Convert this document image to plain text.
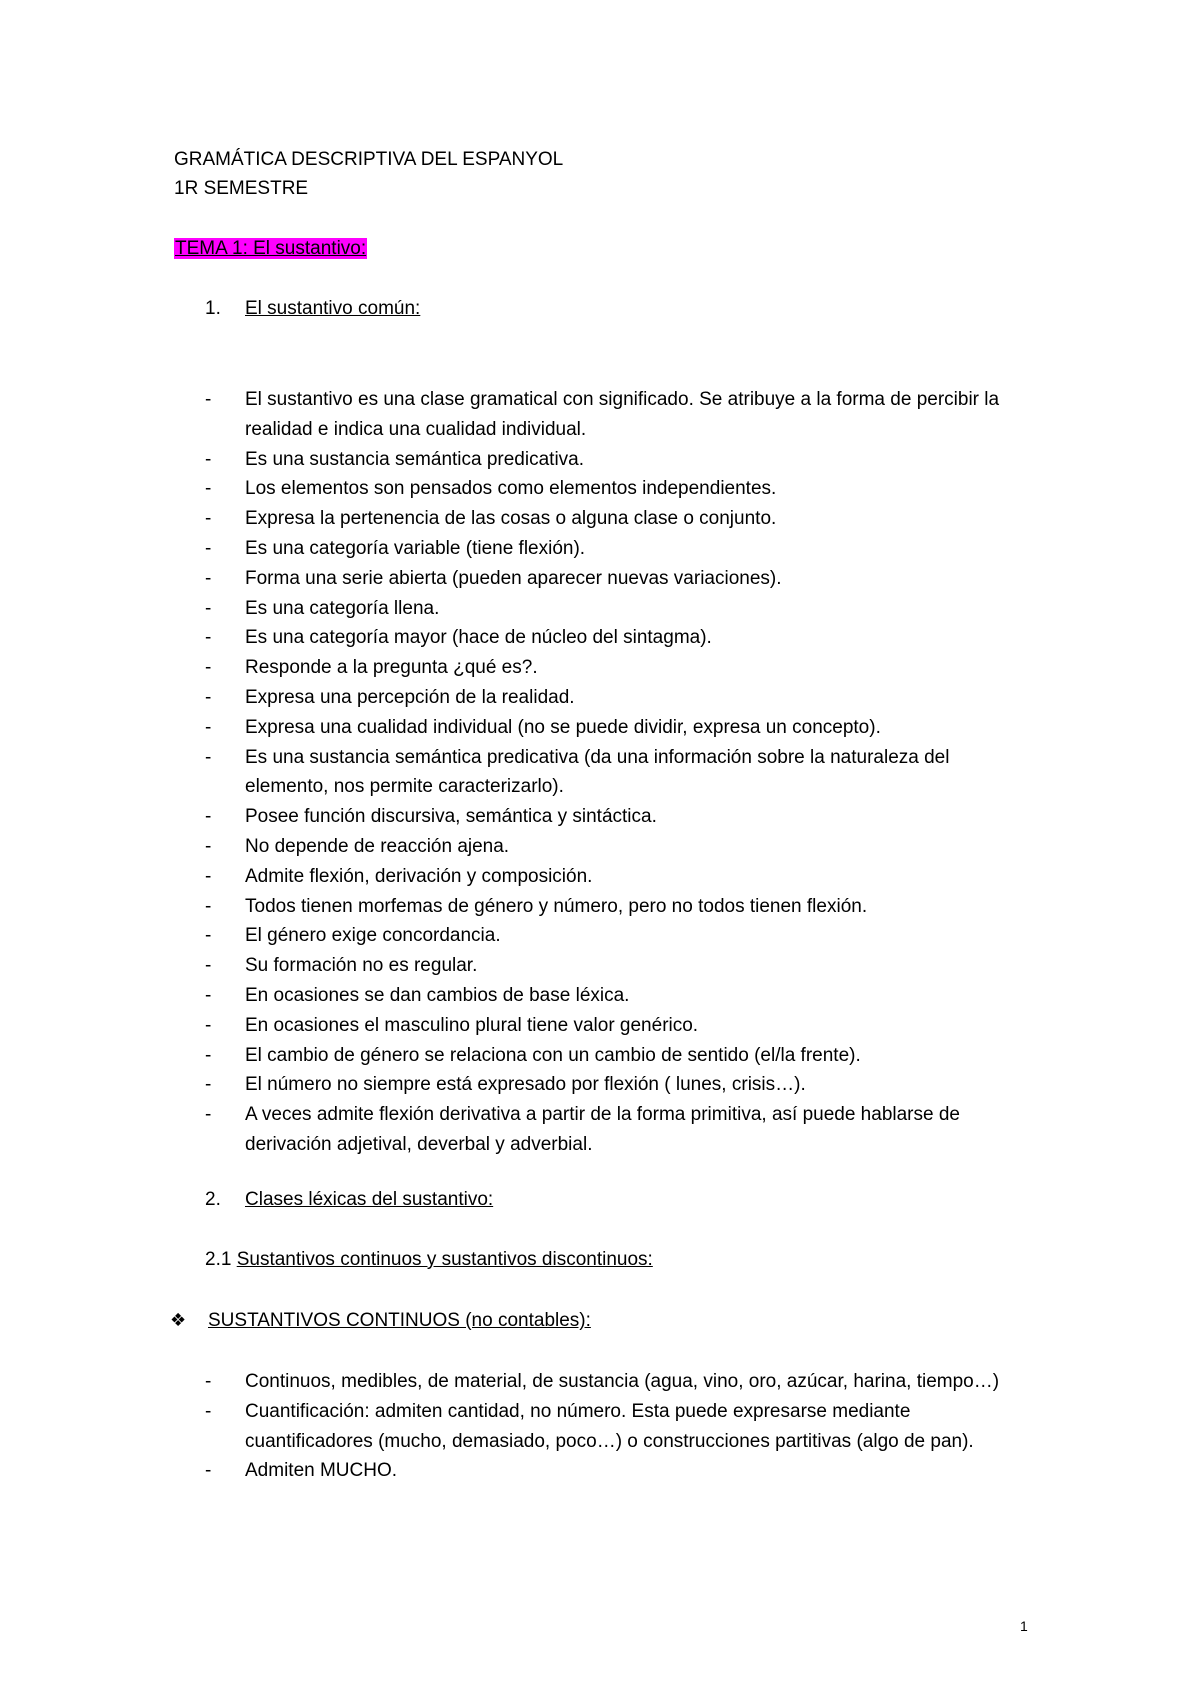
GRAMÁTICA DESCRIPTIVA DEL ESPANYOL
1R SEMESTRE
TEMA 1: El sustantivo:
1. El sustantivo común:
- El sustantivo es una clase gramatical con significado. Se atribuye a la forma de percibir la realidad e indica una cualidad individual.
- Es una sustancia semántica predicativa.
- Los elementos son pensados como elementos independientes.
- Expresa la pertenencia de las cosas o alguna clase o conjunto.
- Es una categoría variable (tiene flexión).
- Forma una serie abierta (pueden aparecer nuevas variaciones).
- Es una categoría llena.
- Es una categoría mayor (hace de núcleo del sintagma).
- Responde a la pregunta ¿qué es?.
- Expresa una percepción de la realidad.
- Expresa una cualidad individual (no se puede dividir, expresa un concepto).
- Es una sustancia semántica predicativa (da una información sobre la naturaleza del elemento, nos permite caracterizarlo).
- Posee función discursiva, semántica y sintáctica.
- No depende de reacción ajena.
- Admite flexión, derivación y composición.
- Todos tienen morfemas de género y número, pero no todos tienen flexión.
- El género exige concordancia.
- Su formación no es regular.
- En ocasiones se dan cambios de base léxica.
- En ocasiones el masculino plural tiene valor genérico.
- El cambio de género se relaciona con un cambio de sentido (el/la frente).
- El número no siempre está expresado por flexión ( lunes, crisis…).
- A veces admite flexión derivativa a partir de la forma primitiva, así puede hablarse de derivación adjetival, deverbal y adverbial.
2. Clases léxicas del sustantivo:
2.1 Sustantivos continuos y sustantivos discontinuos:
❖ SUSTANTIVOS CONTINUOS (no contables):
- Continuos, medibles, de material, de sustancia (agua, vino, oro, azúcar, harina, tiempo…)
- Cuantificación: admiten cantidad, no número. Esta puede expresarse mediante cuantificadores (mucho, demasiado, poco…) o construcciones partitivas (algo de pan).
- Admiten MUCHO.
1
